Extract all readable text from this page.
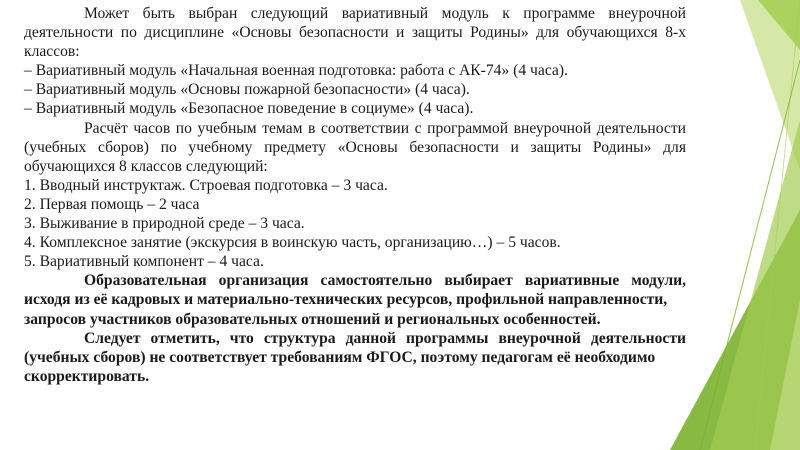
Может быть выбран следующий вариативный модуль к программе внеурочной деятельности по дисциплине «Основы безопасности и защиты Родины» для обучающихся 8-х классов:

– Вариативный модуль «Начальная военная подготовка: работа с АК-74» (4 часа).

– Вариативный модуль «Основы пожарной безопасности» (4 часа).

– Вариативный модуль «Безопасное поведение в социуме» (4 часа).

Расчёт часов по учебным темам в соответствии с программой внеурочной деятельности (учебных сборов) по учебному предмету «Основы безопасности и защиты Родины» для обучающихся 8 классов следующий:

1. Вводный инструктаж. Строевая подготовка – 3 часа.

2. Первая помощь – 2 часа

3. Выживание в природной среде – 3 часа.

4. Комплексное занятие (экскурсия в воинскую часть, организацию…) – 5 часов.

5. Вариативный компонент – 4 часа.

Образовательная организация самостоятельно выбирает вариативные модули, исходя из её кадровых и материально-технических ресурсов, профильной направленности,

запросов участников образовательных отношений и региональных особенностей.

Следует отметить, что структура данной программы внеурочной деятельности (учебных сборов) не соответствует требованиям ФГОС, поэтому педагогам её необходимо

скорректировать.
